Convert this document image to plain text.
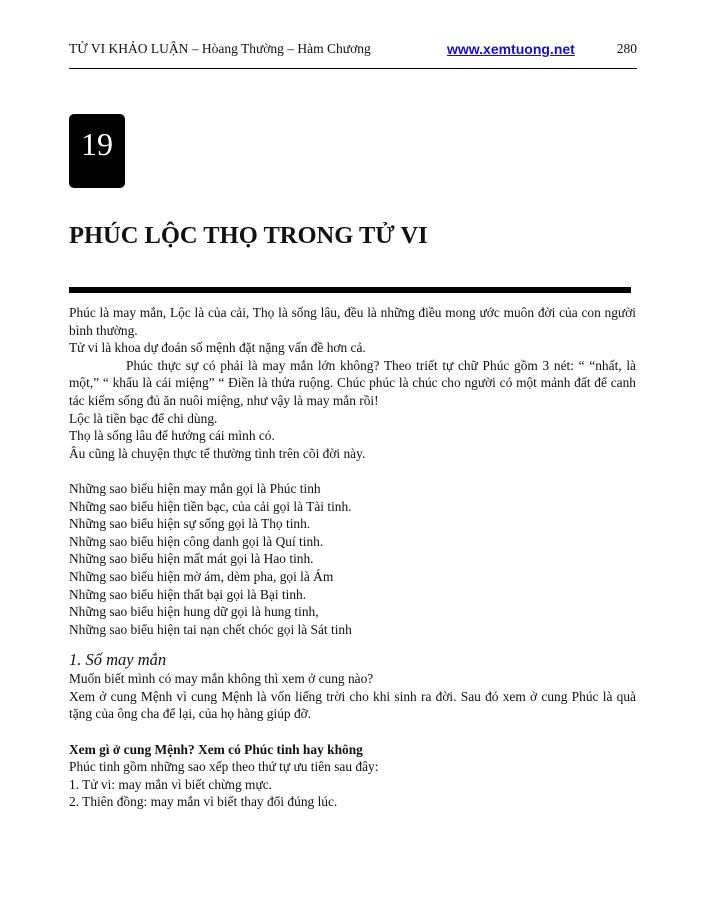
TỬ VI KHẢO LUẬN – Hòang Thường – Hàm Chương	www.xemtuong.net	280
19
PHÚC LỘC THỌ TRONG TỬ VI

Phúc là may mắn, Lộc là của cải, Thọ là sống lâu, đều là những điều mong ước muôn đời của con người bình thường.

Tử vi là khoa dự đoán số mệnh đặt nặng vấn đề hơn cả.

Phúc thực sự có phải là may mắn lớn không? Theo triết tự chữ Phúc gồm 3 nét: “ “nhất, là một,” “ khẩu là cái miệng” “ Điền là thửa ruộng. Chúc phúc là chúc cho người có một mảnh đất để canh tác kiếm sống đủ ăn nuôi miệng, như vậy là may mắn rồi!

Lộc là tiền bạc để chi dùng.

Thọ là sống lâu để hưởng cái mình có.

Âu cũng là chuyện thực tế thường tình trên cõi đời này.

Những sao biểu hiện may mắn gọi là Phúc tinh

Những sao biểu hiện tiền bạc, của cải gọi là Tài tinh.

Những sao biểu hiện sự sống gọi là Thọ tinh.

Những sao biểu hiện công danh gọi là Quí tinh.

Những sao biểu hiện mất mát gọi là Hao tinh.

Những sao biểu hiện mờ ám, dèm pha, gọi là Ám

Những sao biểu hiện thất bại gọi là Bại tinh.

Những sao biểu hiện hung dữ gọi là hung tinh,

Những sao biểu hiện tai nạn chết chóc gọi là Sát tinh

1. Số may mắn

Muốn biết mình có may mắn không thì xem ở cung nào?

Xem ở cung Mệnh vì cung Mệnh là vốn liếng trời cho khi sinh ra đời. Sau đó xem ở cung Phúc là quà tặng của ông cha để lại, của họ hàng giúp đỡ.

Xem gì ở cung Mệnh? Xem có Phúc tinh hay không

Phúc tinh gồm những sao xếp theo thứ tự ưu tiên sau đây:

1. Tử vi: may mắn vì biết chừng mực.

2. Thiên đồng: may mắn vì biết thay đổi đúng lúc.
